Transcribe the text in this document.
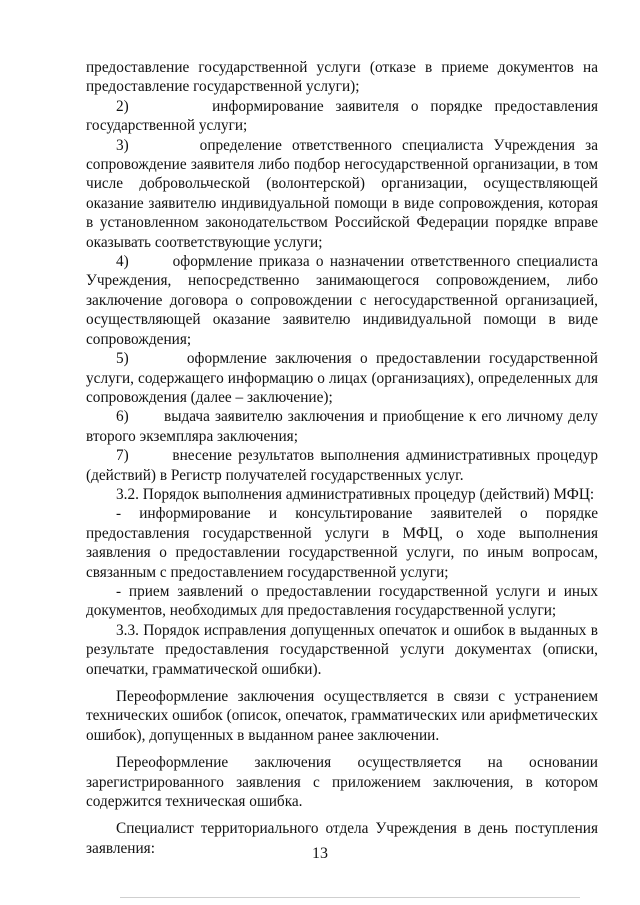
предоставление государственной услуги (отказе в приеме документов на предоставление государственной услуги);

2)       информирование заявителя о порядке предоставления государственной услуги;

3)       определение ответственного специалиста Учреждения за сопровождение заявителя либо подбор негосударственной организации, в том числе добровольческой (волонтерской) организации, осуществляющей оказание заявителю индивидуальной помощи в виде сопровождения, которая в установленном законодательством Российской Федерации порядке вправе оказывать соответствующие услуги;

4)       оформление приказа о назначении ответственного специалиста Учреждения, непосредственно занимающегося сопровождением, либо заключение договора о сопровождении с негосударственной организацией, осуществляющей оказание заявителю индивидуальной помощи в виде сопровождения;

5)       оформление заключения о предоставлении государственной услуги, содержащего информацию о лицах (организациях), определенных для сопровождения (далее – заключение);

6)       выдача заявителю заключения и приобщение к его личному делу второго экземпляра заключения;

7)       внесение результатов выполнения административных процедур (действий) в Регистр получателей государственных услуг.

3.2. Порядок выполнения административных процедур (действий) МФЦ:

- информирование и консультирование заявителей о порядке предоставления государственной услуги в МФЦ, о ходе выполнения заявления о предоставлении государственной услуги, по иным вопросам, связанным с предоставлением государственной услуги;

- прием заявлений о предоставлении государственной услуги и иных документов, необходимых для предоставления государственной услуги;

3.3. Порядок исправления допущенных опечаток и ошибок в выданных в результате предоставления государственной услуги документах (описки, опечатки, грамматической ошибки).

Переоформление заключения осуществляется в связи с устранением технических ошибок (описок, опечаток, грамматических или арифметических ошибок), допущенных в выданном ранее заключении.

Переоформление заключения осуществляется на основании зарегистрированного заявления с приложением заключения, в котором содержится техническая ошибка.

Специалист территориального отдела Учреждения в день поступления заявления:	13
